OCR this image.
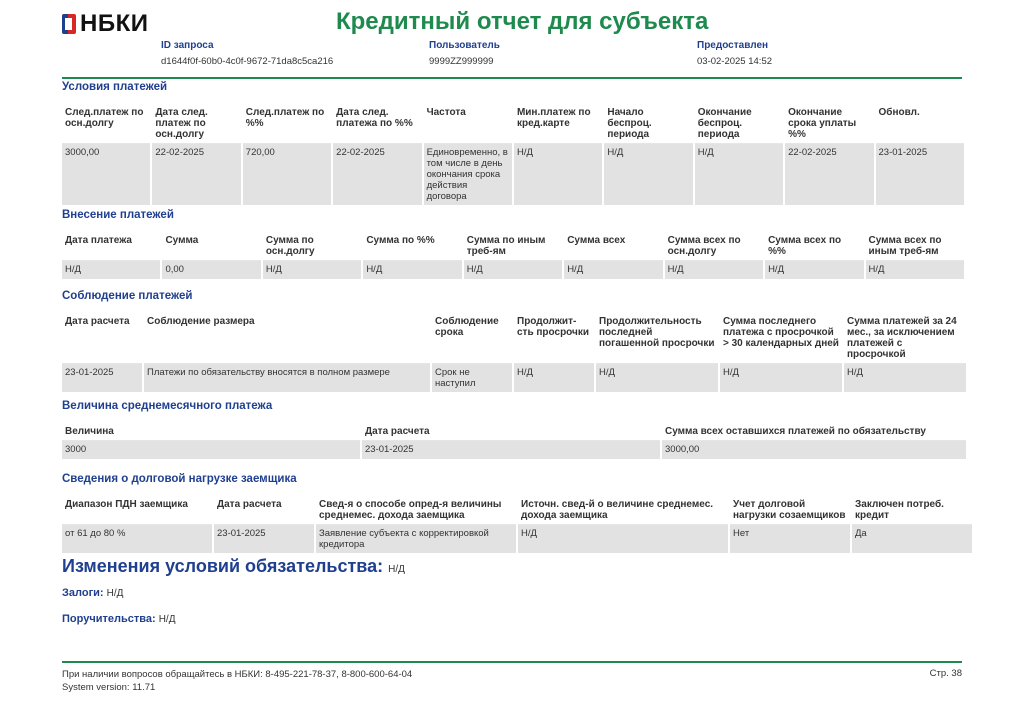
НБКИ	Кредитный отчет для субъекта
ID запроса
d1644f0f-60b0-4c0f-9672-71da8c5ca216
Пользователь
9999ZZ999999
Предоставлен
03-02-2025 14:52
Условия платежей
След.платеж по осн.долгу	Дата след. платеж по осн.долгу	След.платеж по %%	Дата след. платежа по %%	Частота	Мин.платеж по кред.карте	Начало беспроц. периода	Окончание беспроц. периода	Окончание срока уплаты %%	Обновл.
3000,00	22-02-2025	720,00	22-02-2025	Единовременно, в том числе в день окончания срока действия договора	Н/Д	Н/Д	Н/Д	22-02-2025	23-01-2025
Внесение платежей
Дата платежа	Сумма	Сумма по осн.долгу	Сумма по %%	Сумма по иным треб-ям	Сумма всех	Сумма всех по осн.долгу	Сумма всех по %%	Сумма всех по иным треб-ям
Н/Д	0,00	Н/Д	Н/Д	Н/Д	Н/Д	Н/Д	Н/Д	Н/Д
Соблюдение платежей
Дата расчета	Соблюдение размера	Соблюдение срока	Продолжит-сть просрочки	Продолжительность последней погашенной просрочки	Сумма последнего платежа с просрочкой > 30 календарных дней	Сумма платежей за 24 мес., за исключением платежей с просрочкой
23-01-2025	Платежи по обязательству вносятся в полном размере	Срок не наступил	Н/Д	Н/Д	Н/Д	Н/Д
Величина среднемесячного платежа
Величина	Дата расчета	Сумма всех оставшихся платежей по обязательству
3000	23-01-2025	3000,00
Сведения о долговой нагрузке заемщика
Диапазон ПДН заемщика	Дата расчета	Свед-я о способе опред-я величины среднемес. дохода заемщика	Источн. свед-й о величине среднемес. дохода заемщика	Учет долговой нагрузки созаемщиков	Заключен потреб. кредит
от 61 до 80 %	23-01-2025	Заявление субъекта с корректировкой кредитора	Н/Д	Нет	Да
Изменения условий обязательства: Н/Д
Залоги: Н/Д
Поручительства: Н/Д
При наличии вопросов обращайтесь в НБКИ: 8-495-221-78-37, 8-800-600-64-04
System version: 11.71
Стр. 38
